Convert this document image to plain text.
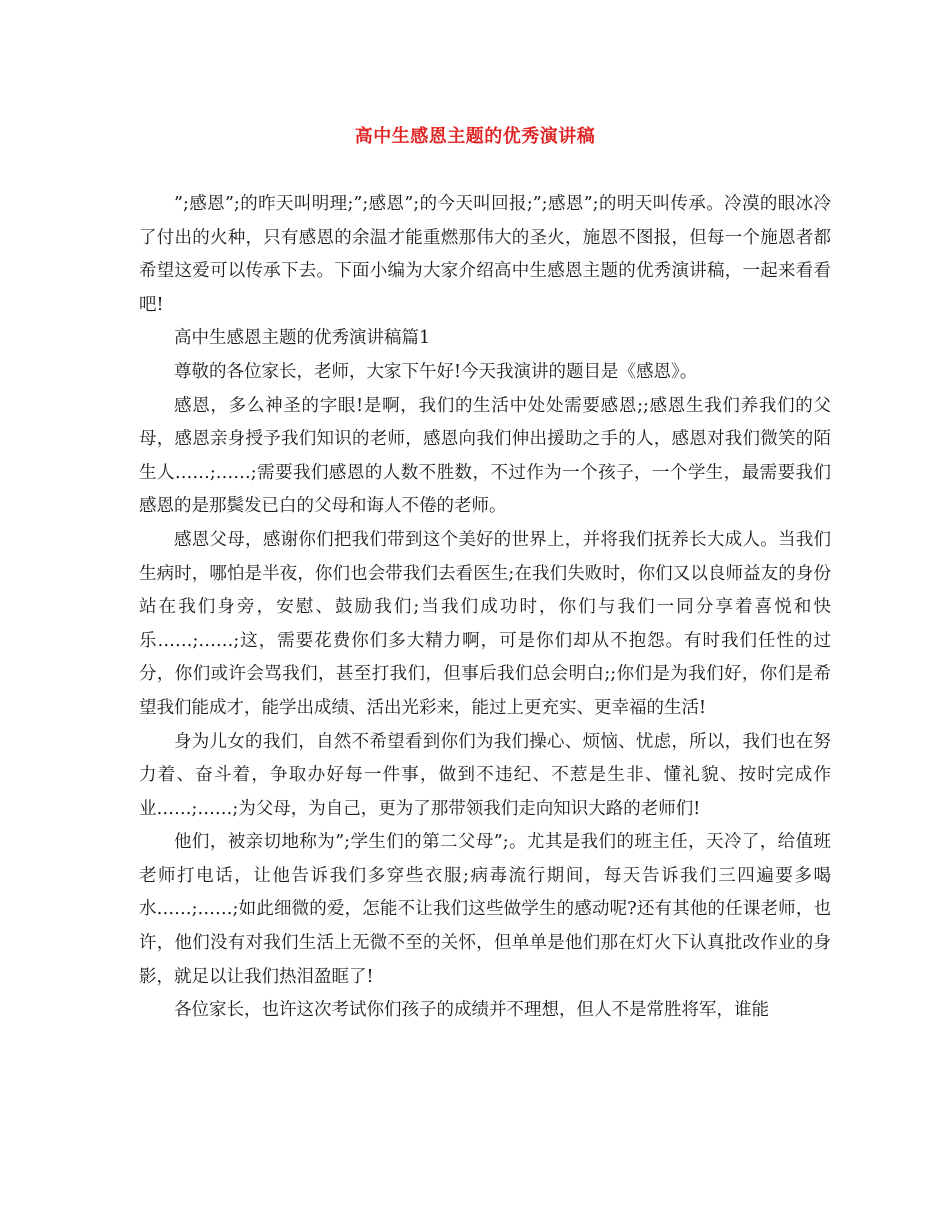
高中生感恩主题的优秀演讲稿

”;感恩”;的昨天叫明理;”;感恩”;的今天叫回报;”;感恩”;的明天叫传承。冷漠的眼冰冷了付出的火种，只有感恩的余温才能重燃那伟大的圣火，施恩不图报，但每一个施恩者都希望这爱可以传承下去。下面小编为大家介绍高中生感恩主题的优秀演讲稿，一起来看看吧!

高中生感恩主题的优秀演讲稿篇1

尊敬的各位家长，老师，大家下午好!今天我演讲的题目是《感恩》。

感恩，多么神圣的字眼!是啊，我们的生活中处处需要感恩;;感恩生我们养我们的父母，感恩亲身授予我们知识的老师，感恩向我们伸出援助之手的人，感恩对我们微笑的陌生人……;……;需要我们感恩的人数不胜数，不过作为一个孩子，一个学生，最需要我们感恩的是那鬓发已白的父母和诲人不倦的老师。

感恩父母，感谢你们把我们带到这个美好的世界上，并将我们抚养长大成人。当我们生病时，哪怕是半夜，你们也会带我们去看医生;在我们失败时，你们又以良师益友的身份站在我们身旁，安慰、鼓励我们;当我们成功时，你们与我们一同分享着喜悦和快乐……;……;这，需要花费你们多大精力啊，可是你们却从不抱怨。有时我们任性的过分，你们或许会骂我们，甚至打我们，但事后我们总会明白;;你们是为我们好，你们是希望我们能成才，能学出成绩、活出光彩来，能过上更充实、更幸福的生活!

身为儿女的我们，自然不希望看到你们为我们操心、烦恼、忧虑，所以，我们也在努力着、奋斗着，争取办好每一件事，做到不违纪、不惹是生非、懂礼貌、按时完成作业……;……;为父母，为自己，更为了那带领我们走向知识大路的老师们!

他们，被亲切地称为”;学生们的第二父母”;。尤其是我们的班主任，天冷了，给值班老师打电话，让他告诉我们多穿些衣服;病毒流行期间，每天告诉我们三四遍要多喝水……;……;如此细微的爱，怎能不让我们这些做学生的感动呢?还有其他的任课老师，也许，他们没有对我们生活上无微不至的关怀，但单单是他们那在灯火下认真批改作业的身影，就足以让我们热泪盈眶了!

各位家长，也许这次考试你们孩子的成绩并不理想，但人不是常胜将军，谁能
